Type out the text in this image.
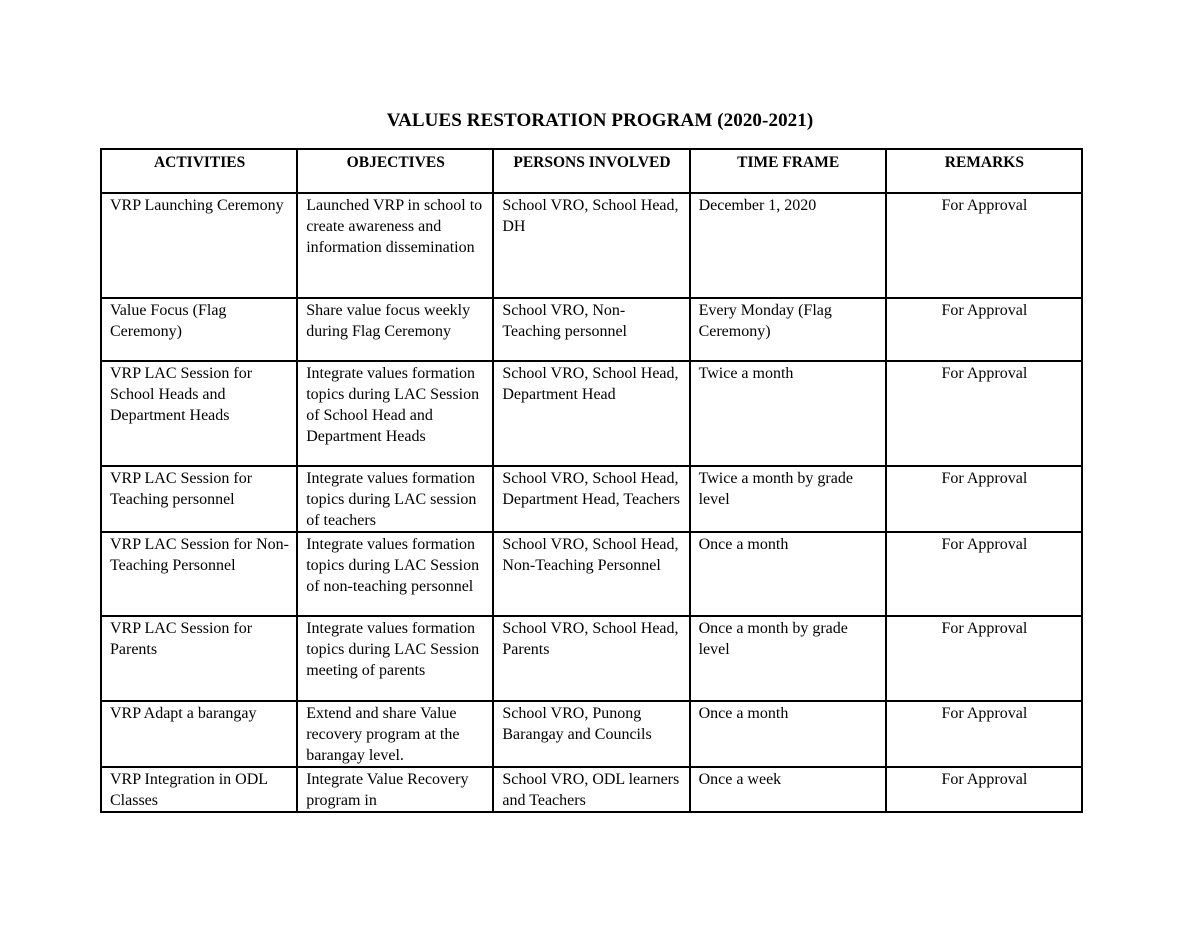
VALUES RESTORATION PROGRAM (2020-2021)
ACTIVITIES	OBJECTIVES	PERSONS INVOLVED	TIME FRAME	REMARKS
VRP Launching Ceremony	Launched VRP in school to create awareness and information dissemination	School VRO, School Head, DH	December 1, 2020	For Approval
Value Focus (Flag Ceremony)	Share value focus weekly during Flag Ceremony	School VRO, Non-Teaching personnel	Every Monday (Flag Ceremony)	For Approval
VRP LAC Session for School Heads and Department Heads	Integrate values formation topics during LAC Session of School Head and Department Heads	School VRO, School Head, Department Head	Twice a month	For Approval
VRP LAC Session for Teaching personnel	Integrate values formation topics during LAC session of teachers	School VRO, School Head, Department Head, Teachers	Twice a month by grade level	For Approval
VRP LAC Session for Non-Teaching Personnel	Integrate values formation topics during LAC Session of non-teaching personnel	School VRO, School Head, Non-Teaching Personnel	Once a month	For Approval
VRP LAC Session for Parents	Integrate values formation topics during LAC Session meeting of parents	School VRO, School Head, Parents	Once a month by grade level	For Approval
VRP Adapt a barangay	Extend and share Value recovery program at the barangay level.	School VRO, Punong Barangay and Councils	Once a month	For Approval
VRP Integration in ODL Classes	Integrate Value Recovery program in	School VRO, ODL learners and Teachers	Once a week	For Approval
